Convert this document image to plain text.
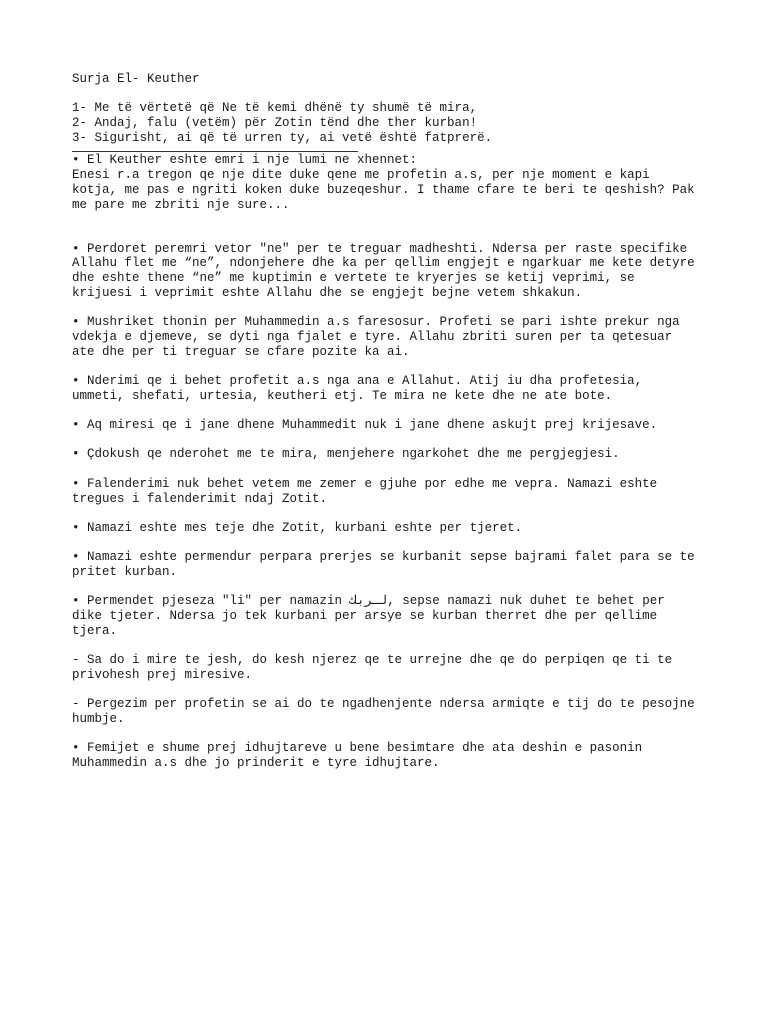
Surja El- Keuther
1- Me të vërtetë që Ne të kemi dhënë ty shumë të mira,
2- Andaj, falu (vetëm) për Zotin tënd dhe ther kurban!
3- Sigurisht, ai që të urren ty, ai vetë është fatprerë.
• El Keuther eshte emri i nje lumi ne xhennet:
Enesi r.a tregon qe nje dite duke qene me profetin a.s, per nje moment e kapi kotja, me pas e ngriti koken duke buzeqeshur. I thame cfare te beri te qeshish? Pak me pare me zbriti nje sure...
• Perdoret peremri vetor "ne" per te treguar madheshti. Ndersa per raste specifike Allahu flet me “ne”, ndonjehere dhe ka per qellim engjejt e ngarkuar me kete detyre dhe eshte thene “ne” me kuptimin e vertete te kryerjes se ketij veprimi, se krijuesi i veprimit eshte Allahu dhe se engjejt bejne vetem shkakun.
• Mushriket thonin per Muhammedin a.s faresosur. Profeti se pari ishte prekur nga vdekja e djemeve, se dyti nga fjalet e tyre. Allahu zbriti suren per ta qetesuar ate dhe per ti treguar se cfare pozite ka ai.
• Nderimi qe i behet profetit a.s nga ana e Allahut. Atij iu dha profetesia, ummeti, shefati, urtesia, keutheri etj. Te mira ne kete dhe ne ate bote.
• Aq miresi qe i jane dhene Muhammedit nuk i jane dhene askujt prej krijesave.
• Çdokush qe nderohet me te mira, menjehere ngarkohet dhe me pergjegjesi.
• Falenderimi nuk behet vetem me zemer e gjuhe por edhe me vepra. Namazi eshte tregues i falenderimit ndaj Zotit.
• Namazi eshte mes teje dhe Zotit, kurbani eshte per tjeret.
• Namazi eshte permendur perpara prerjes se kurbanit sepse bajrami falet para se te pritet kurban.
• Permendet pjeseza "li" per namazin لـربك, sepse namazi nuk duhet te behet per dike tjeter. Ndersa jo tek kurbani per arsye se kurban therret dhe per qellime tjera.
- Sa do i mire te jesh, do kesh njerez qe te urrejne dhe qe do perpiqen qe ti te privohesh prej miresive.
- Pergezim per profetin se ai do te ngadhenjente ndersa armiqte e tij do te pesojne humbje.
• Femijet e shume prej idhujtareve u bene besimtare dhe ata deshin e pasonin Muhammedin a.s dhe jo prinderit e tyre idhujtare.
